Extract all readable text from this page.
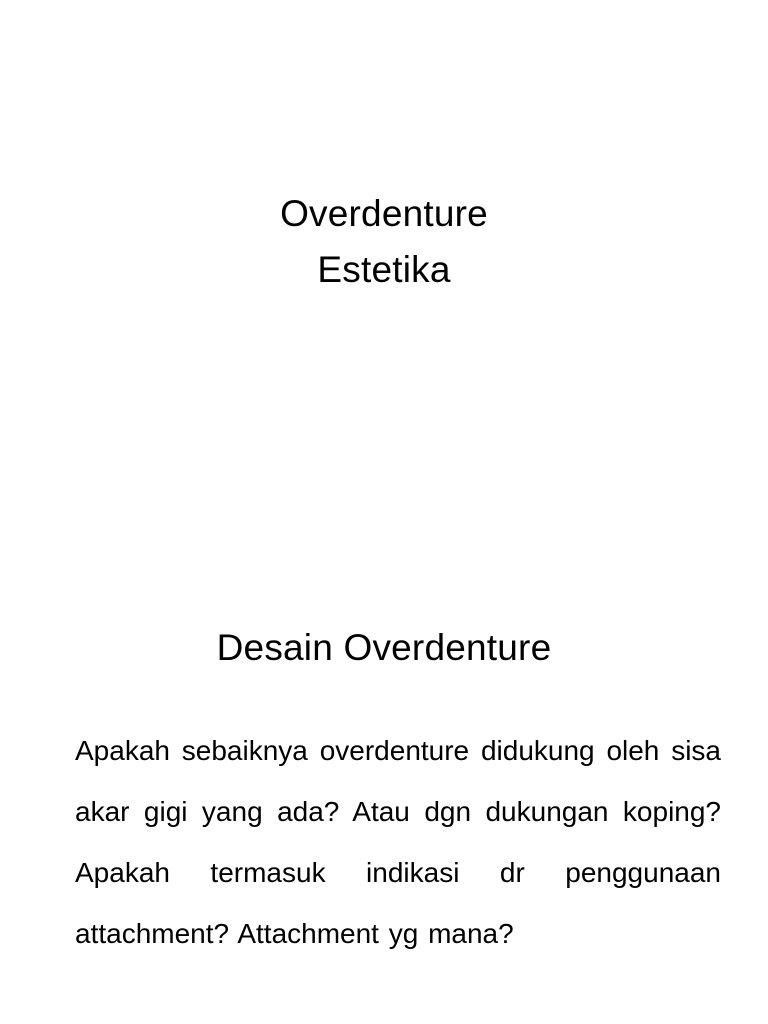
Overdenture
Estetika
Desain Overdenture

Apakah sebaiknya overdenture didukung oleh sisa akar gigi yang ada? Atau dgn dukungan koping? Apakah termasuk indikasi dr penggunaan attachment? Attachment yg mana?
